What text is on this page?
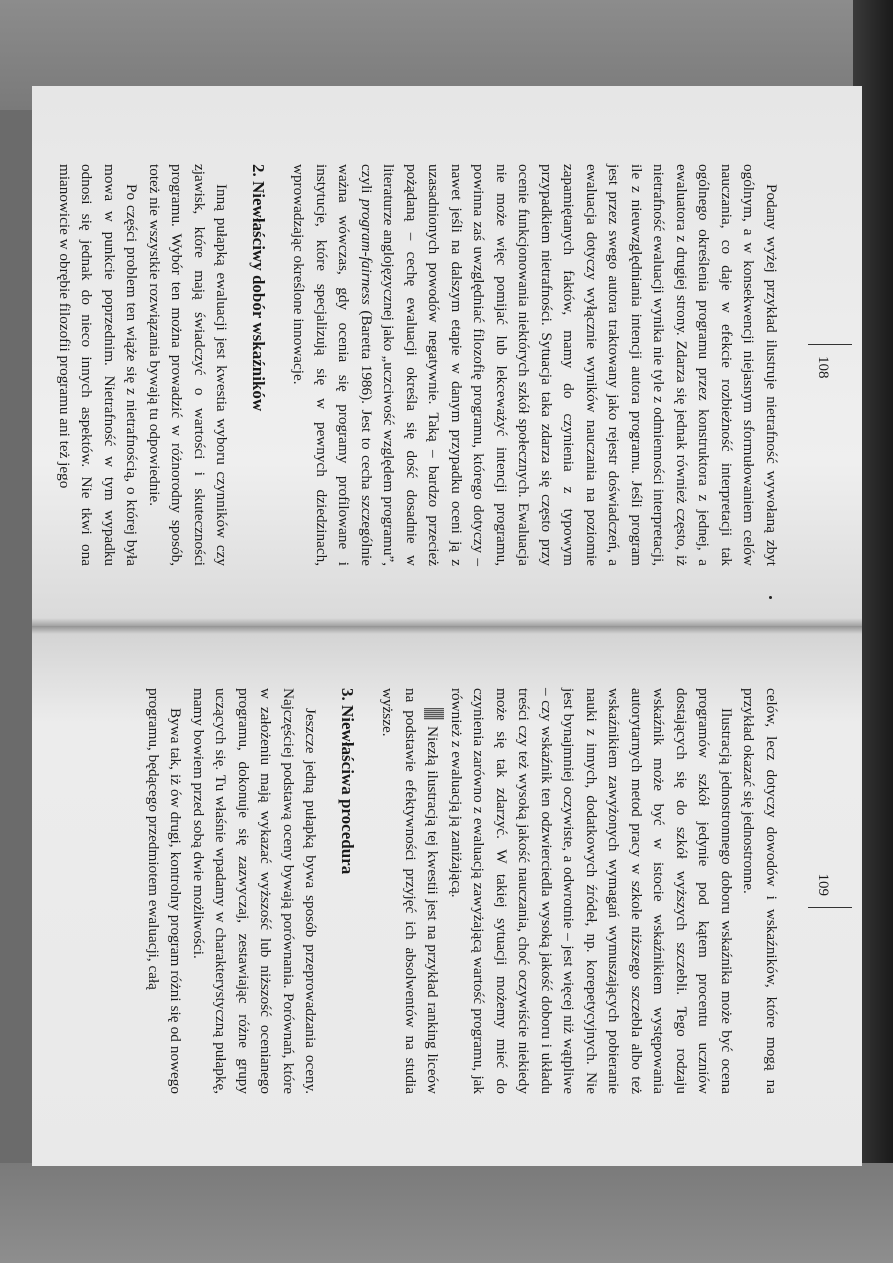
108

Podany wyżej przykład ilustruje nietrafność wywołaną zbyt ogólnym, a w konsekwencji niejasnym sformułowaniem celów nauczania, co daje w efekcie rozbieżność interpretacji tak ogólnego określenia programu przez konstruktora z jednej, a ewaluatora z drugiej strony. Zdarza się jednak również często, iż nietrafność ewaluacji wynika nie tyle z odmienności interpretacji, ile z nieuwzględniania intencji autora programu. Jeśli program jest przez swego autora traktowany jako rejestr doświadczeń, a ewaluacja dotyczy wyłącznie wyników nauczania na poziomie zapamiętanych faktów, mamy do czynienia z typowym przypadkiem nietrafności. Sytuacja taka zdarza się często przy ocenie funkcjonowania niektórych szkół społecznych. Ewaluacja nie może więc pomijać lub lekceważyć intencji programu, powinna zaś uwzględniać filozofię programu, którego dotyczy – nawet jeśli na dalszym etapie w danym przypadku oceni ją z uzasadnionych powodów negatywnie. Taką – bardzo przecież pożądaną – cechę ewaluacji określa się dość dosadnie w literaturze anglojęzycznej jako „uczciwość względem programu”, czyli program-fairness (Baretta 1986). Jest to cecha szczególnie ważna wówczas, gdy ocenia się programy profilowane i instytucje, które specjalizują się w pewnych dziedzinach, wprowadzając określone innowacje.

2. Niewłaściwy dobór wskaźników

Inną pułapką ewaluacji jest kwestia wyboru czynników czy zjawisk, które mają świadczyć o wartości i skuteczności programu. Wybór ten można prowadzić w różnorodny sposób, toteż nie wszystkie rozwiązania bywają tu odpowiednie.

Po części problem ten wiąże się z nietrafnością, o której była mowa w punkcie poprzednim. Nietrafność w tym wypadku odnosi się jednak do nieco innych aspektów. Nie tkwi ona mianowicie w obrębie filozofii programu ani też jego

109

celów, lecz dotyczy dowodów i wskaźników, które mogą na przykład okazać się jednostronne.

Ilustracją jednostronnego doboru wskaźnika może być ocena programów szkół jedynie pod kątem procentu uczniów dostających się do szkół wyższych szczebli. Tego rodzaju wskaźnik może być w istocie wskaźnikiem występowania autorytarnych metod pracy w szkole niższego szczebla albo też wskaźnikiem zawyżonych wymagań wymuszających pobieranie nauki z innych, dodatkowych źródeł, np. korepetycyjnych. Nie jest bynajmniej oczywiste, a odwrotnie – jest więcej niż wątpliwe – czy wskaźnik ten odzwierciedla wysoką jakość doboru i układu treści czy też wysoką jakość nauczania, choć oczywiście niekiedy może się tak zdarzyć. W takiej sytuacji możemy mieć do czynienia zarówno z ewaluacją zawyżającą wartość programu, jak również z ewaluacją ją zaniżającą.

Niezłą ilustracją tej kwestii jest na przykład ranking liceów na podstawie efektywności przyjęć ich absolwentów na studia wyższe.

3. Niewłaściwa procedura

Jeszcze jedną pułapką bywa sposób przeprowadzania oceny. Najczęściej podstawą oceny bywają porównania. Porównań, które w założeniu mają wykazać wyższość lub niższość ocenianego programu, dokonuje się zazwyczaj, zestawiając różne grupy uczących się. Tu właśnie wpadamy w charakterystyczną pułapkę, mamy bowiem przed sobą dwie możliwości.

Bywa tak, iż ów drugi, kontrolny program różni się od nowego programu, będącego przedmiotem ewaluacji, całą
